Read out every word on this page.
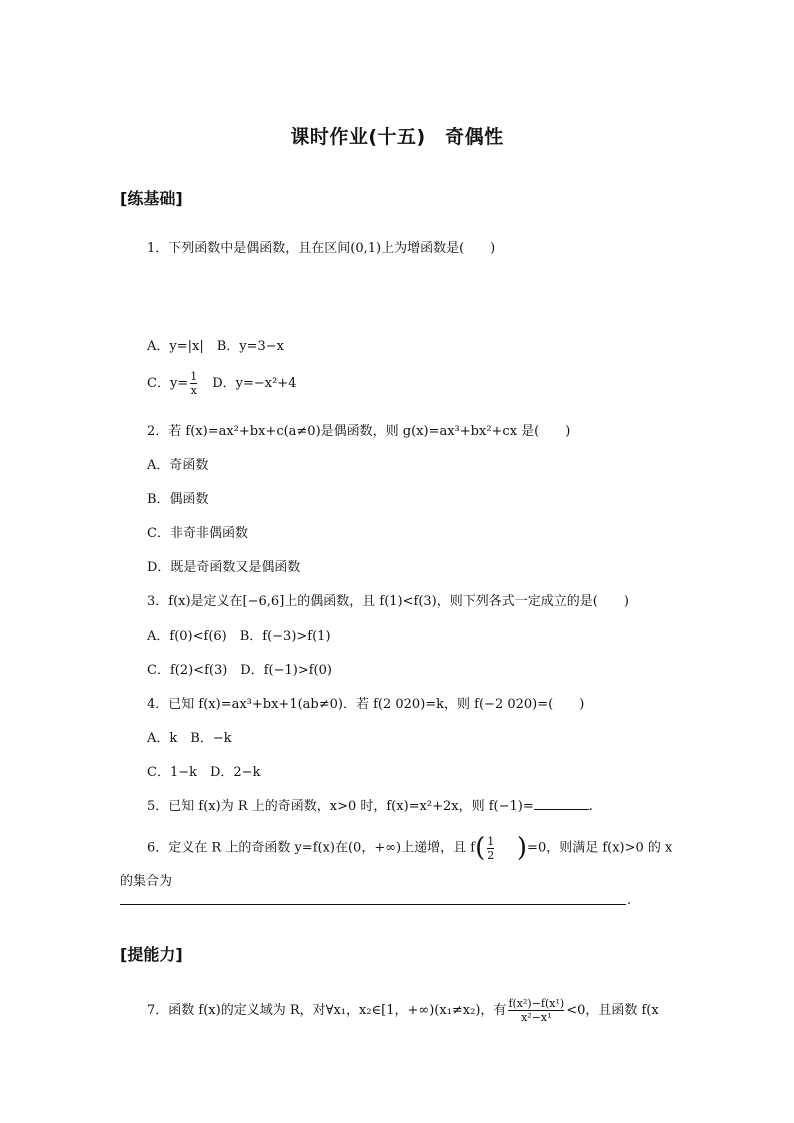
课时作业(十五)　奇偶性
[练基础]
1．下列函数中是偶函数，且在区间(0,1)上为增函数是(　　)
A．y=|x|　B．y=3−x
C．$y= \frac{1}{x}$ 　D．y=−x²+4
2．若 f(x)=ax²+bx+c(a≠0)是偶函数，则 g(x)=ax³+bx²+cx 是(　　)
A．奇函数
B．偶函数
C．非奇非偶函数
D．既是奇函数又是偶函数
3．f(x)是定义在[−6,6]上的偶函数，且 f(1)<f(3)，则下列各式一定成立的是(　　)
A．f(0)<f(6)　B．f(−3)>f(1)
C．f(2)<f(3)　D．f(−1)>f(0)
4．已知 f(x)=ax³+bx+1(ab≠0)．若 f(2 020)=k，则 f(−2 020)=(　　)
A．k　B．−k
C．1−k　D．2−k
5．已知 f(x)为 R 上的奇函数，x>0 时，f(x)=x²+2x，则 f(−1)=	.
6．定义在 R 上的奇函数 y=f(x)在(0，+∞)上递增，且 $f( \frac{1}{2} )=0$，则满足 f(x)>0 的 x
的集合为
.
[提能力]
7．函数 f(x)的定义域为 R，对∀x₁，x₂∈[1，+∞)(x₁≠x₂)，有 $\frac{\text{f(x²)−f(x¹)}}{\text{x²−x¹}} <0$，且函数 f(x
